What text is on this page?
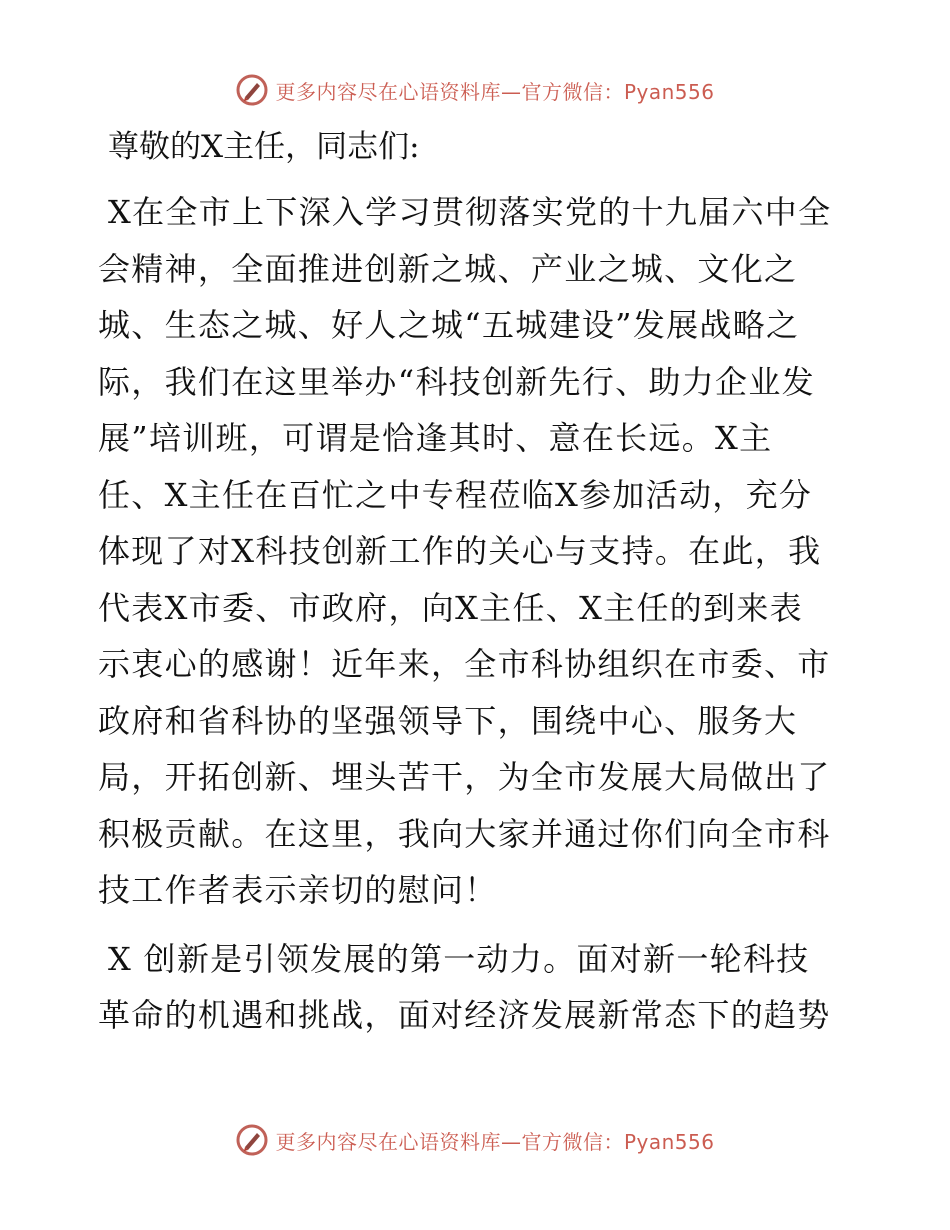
更多内容尽在心语资料库—官方微信：Pyan556
尊敬的X主任，同志们:
X在全市上下深入学习贯彻落实党的十九届六中全
会精神，全面推进创新之城、产业之城、文化之
城、生态之城、好人之城“五城建设”发展战略之
际，我们在这里举办“科技创新先行、助力企业发
展”培训班，可谓是恰逢其时、意在长远。X主
任、X主任在百忙之中专程莅临X参加活动，充分
体现了对X科技创新工作的关心与支持。在此，我
代表X市委、市政府，向X主任、X主任的到来表
示衷心的感谢！近年来，全市科协组织在市委、市
政府和省科协的坚强领导下，围绕中心、服务大
局，开拓创新、埋头苦干，为全市发展大局做出了
积极贡献。在这里，我向大家并通过你们向全市科
技工作者表示亲切的慰问！
X 创新是引领发展的第一动力。面对新一轮科技
革命的机遇和挑战，面对经济发展新常态下的趋势
更多内容尽在心语资料库—官方微信：Pyan556
